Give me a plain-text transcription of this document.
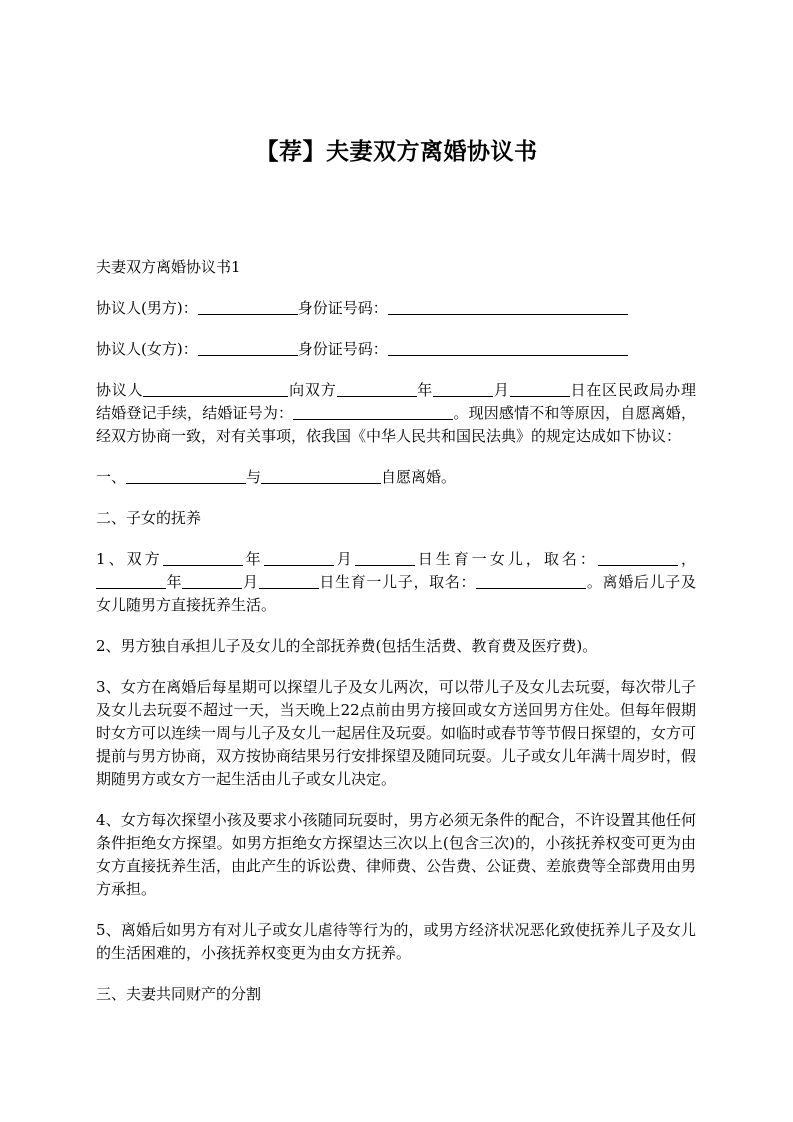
【荐】夫妻双方离婚协议书

夫妻双方离婚协议书1

协议人(男方)：	身份证号码：

协议人(女方)：	身份证号码：

协议人	向双方	年	月	日在区民政局办理结婚登记手续，结婚证号为：	。现因感情不和等原因，自愿离婚，经双方协商一致，对有关事项，依我国《中华人民共和国民法典》的规定达成如下协议：

一、	与	自愿离婚。

二、子女的抚养

1、双方	年	月	日生育一女儿，取名：	，年	月	日生育一儿子，取名：	。离婚后儿子及女儿随男方直接抚养生活。

2、男方独自承担儿子及女儿的全部抚养费(包括生活费、教育费及医疗费)。

3、女方在离婚后每星期可以探望儿子及女儿两次，可以带儿子及女儿去玩耍，每次带儿子及女儿去玩耍不超过一天，当天晚上22点前由男方接回或女方送回男方住处。但每年假期时女方可以连续一周与儿子及女儿一起居住及玩耍。如临时或春节等节假日探望的，女方可提前与男方协商，双方按协商结果另行安排探望及随同玩耍。儿子或女儿年满十周岁时，假期随男方或女方一起生活由儿子或女儿决定。

4、女方每次探望小孩及要求小孩随同玩耍时，男方必须无条件的配合，不许设置其他任何条件拒绝女方探望。如男方拒绝女方探望达三次以上(包含三次)的，小孩抚养权变可更为由女方直接抚养生活，由此产生的诉讼费、律师费、公告费、公证费、差旅费等全部费用由男方承担。

5、离婚后如男方有对儿子或女儿虐待等行为的，或男方经济状况恶化致使抚养儿子及女儿的生活困难的，小孩抚养权变更为由女方抚养。

三、夫妻共同财产的分割
